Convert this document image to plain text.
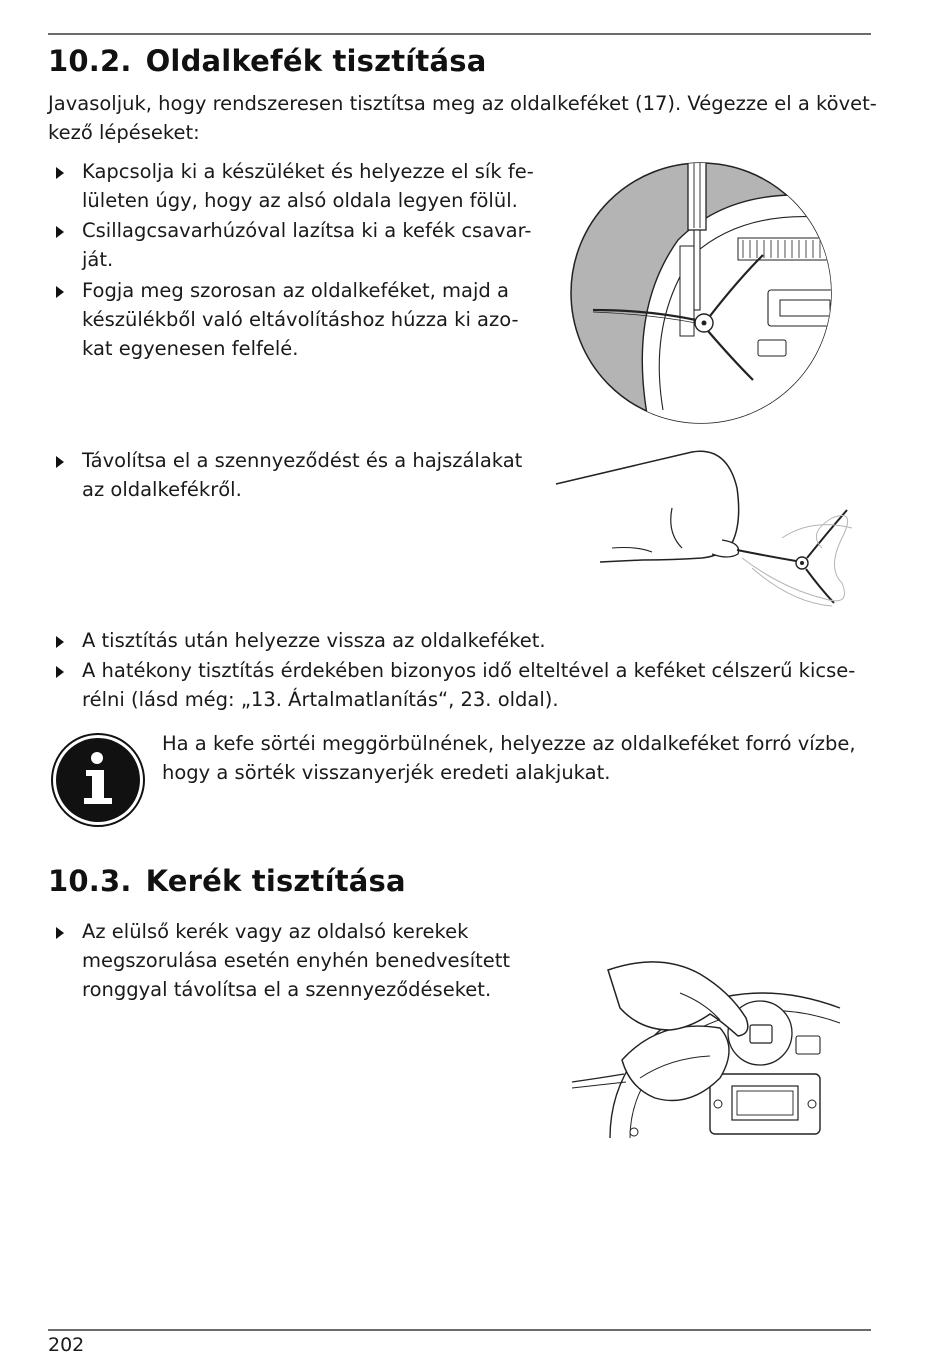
10.2. Oldalkefék tisztítása
Javasoljuk, hogy rendszeresen tisztítsa meg az oldalkeféket (17). Végezze el a követ-
kező lépéseket:
Kapcsolja ki a készüléket és helyezze el sík fe-
lületen úgy, hogy az alsó oldala legyen fölül.
Csillagcsavarhúzóval lazítsa ki a kefék csavar-
ját.
Fogja meg szorosan az oldalkeféket, majd a
készülékből való eltávolításhoz húzza ki azo-
kat egyenesen felfelé.
Távolítsa el a szennyeződést és a hajszálakat
az oldalkefékről.
A tisztítás után helyezze vissza az oldalkeféket.
A hatékony tisztítás érdekében bizonyos idő elteltével a keféket célszerű kicse-
rélni (lásd még: „13. Ártalmatlanítás“, 23. oldal).
Ha a kefe sörtéi meggörbülnének, helyezze az oldalkeféket forró vízbe,
hogy a sörték visszanyerjék eredeti alakjukat.
10.3. Kerék tisztítása
Az elülső kerék vagy az oldalsó kerekek
megszorulása esetén enyhén benedvesített
ronggyal távolítsa el a szennyeződéseket.
202
